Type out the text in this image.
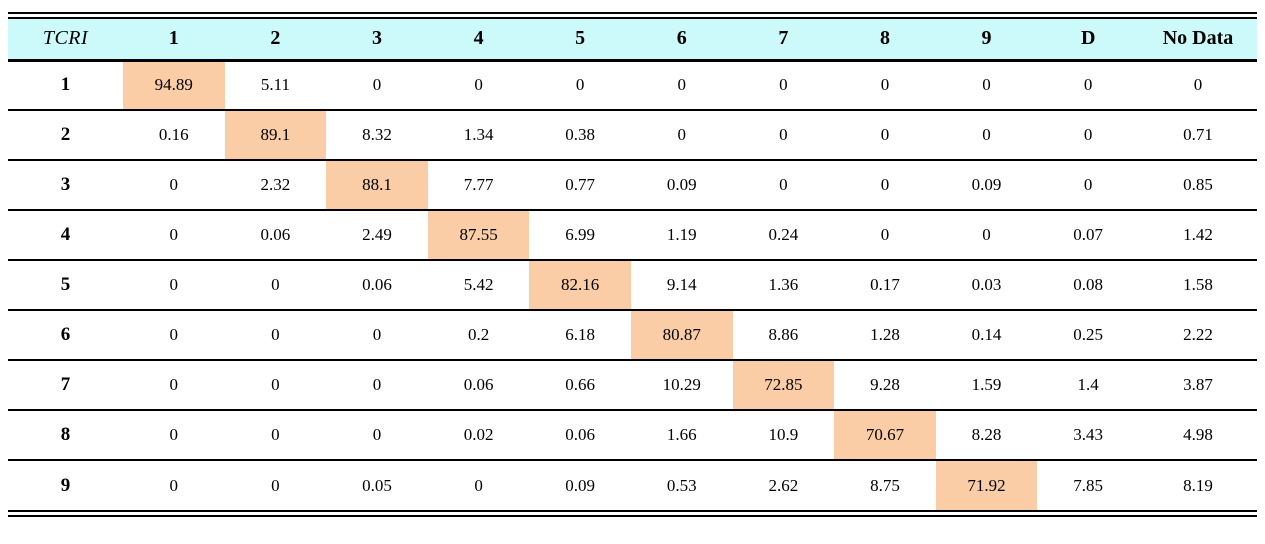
TCRI	1	2	3	4	5	6	7	8	9	D	No Data
1	94.89	5.11	0	0	0	0	0	0	0	0	0
2	0.16	89.1	8.32	1.34	0.38	0	0	0	0	0	0.71
3	0	2.32	88.1	7.77	0.77	0.09	0	0	0.09	0	0.85
4	0	0.06	2.49	87.55	6.99	1.19	0.24	0	0	0.07	1.42
5	0	0	0.06	5.42	82.16	9.14	1.36	0.17	0.03	0.08	1.58
6	0	0	0	0.2	6.18	80.87	8.86	1.28	0.14	0.25	2.22
7	0	0	0	0.06	0.66	10.29	72.85	9.28	1.59	1.4	3.87
8	0	0	0	0.02	0.06	1.66	10.9	70.67	8.28	3.43	4.98
9	0	0	0.05	0	0.09	0.53	2.62	8.75	71.92	7.85	8.19
